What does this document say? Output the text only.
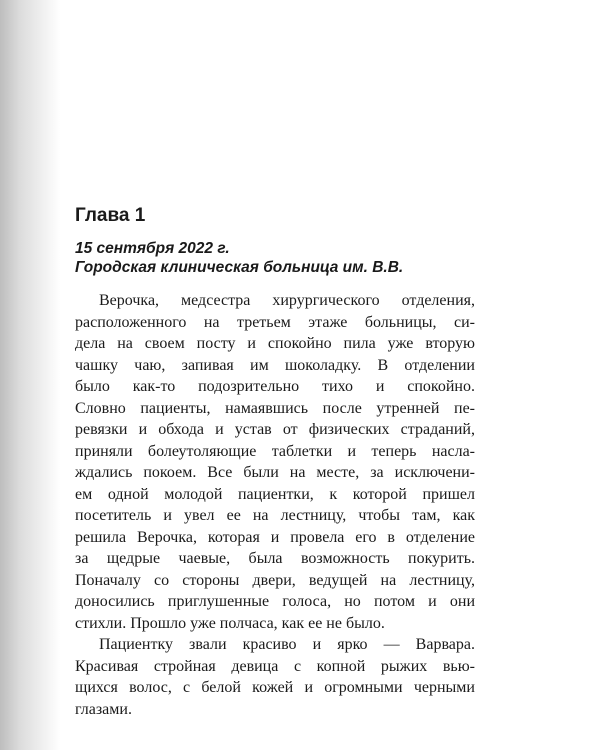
Глава 1

15 сентября 2022 г.

Городская клиническая больница им. В.В.

Верочка, медсестра хирургического отделения,
расположенного на третьем этаже больницы, си-
дела на своем посту и спокойно пила уже вторую
чашку чаю, запивая им шоколадку. В отделении
было как-то подозрительно тихо и спокойно.
Словно пациенты, намаявшись после утренней пе-
ревязки и обхода и устав от физических страданий,
приняли болеутоляющие таблетки и теперь насла-
ждались покоем. Все были на месте, за исключени-
ем одной молодой пациентки, к которой пришел
посетитель и увел ее на лестницу, чтобы там, как
решила Верочка, которая и провела его в отделение
за щедрые чаевые, была возможность покурить.
Поначалу со стороны двери, ведущей на лестницу,
доносились приглушенные голоса, но потом и они
стихли. Прошло уже полчаса, как ее не было.
Пациентку звали красиво и ярко — Варвара.
Красивая стройная девица с копной рыжих вью-
щихся волос, с белой кожей и огромными черными
глазами.
